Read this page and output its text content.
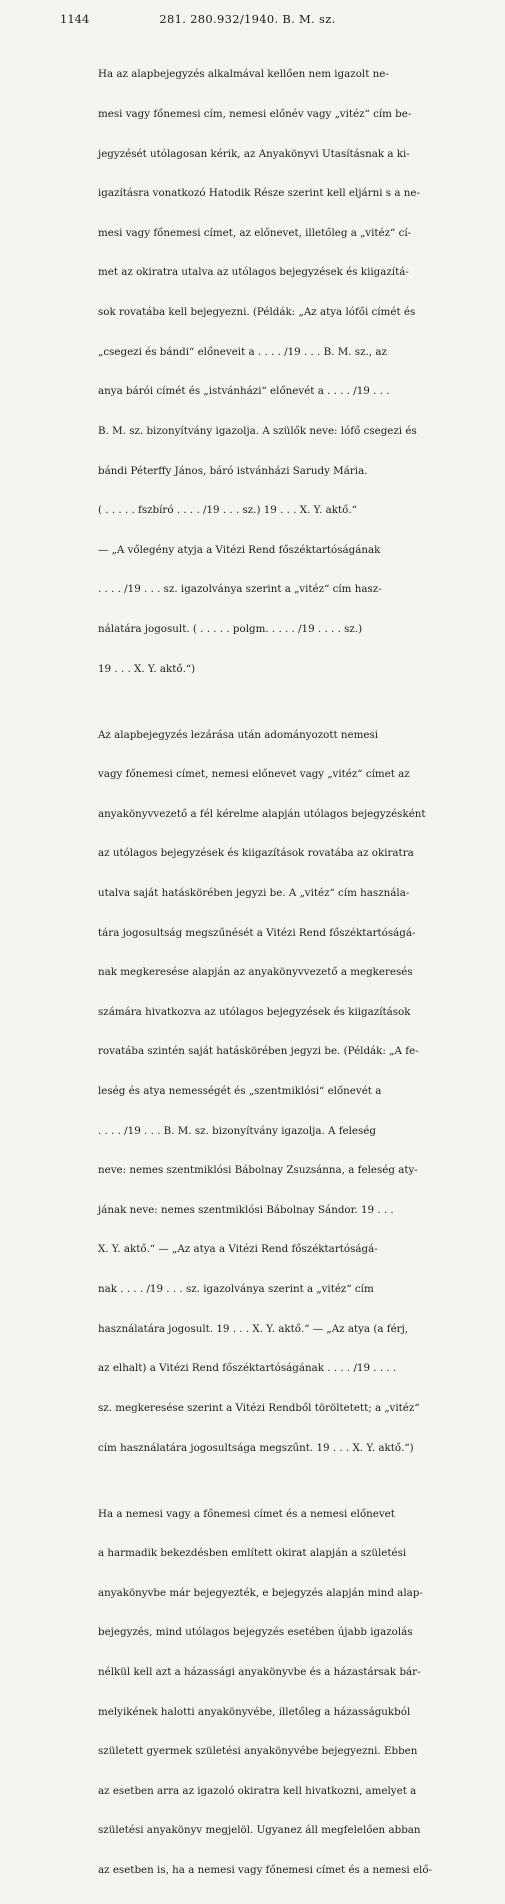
1144	281. 280.932/1940. B. M. sz.

Ha az alapbejegyzés alkalmával kellően nem igazolt ne-

mesi vagy főnemesi cím, nemesi előnév vagy „vitéz“ cím be-

jegyzését utólagosan kérik, az Anyakönyvi Utasításnak a ki-

igazításra vonatkozó Hatodik Része szerint kell eljárni s a ne-

mesi vagy főnemesi címet, az előnevet, illetőleg a „vitéz“ cí-

met az okiratra utalva az utólagos bejegyzések és kiigazítá-

sok rovatába kell bejegyezni. (Példák: „Az atya lófői címét és

„csegezi és bándi“ előneveit a . . . . /19 . . . B. M. sz., az

anya bárói címét és „istvánházi“ előnevét a . . . . /19 . . .

B. M. sz. bizonyítvány igazolja. A szülők neve: lófő csegezi és

bándi Péterffy János, báró istvánházi Sarudy Mária.

( . . . . . fszbíró . . . . /19 . . . sz.) 19 . . . X. Y. aktő.“

— „A vőlegény atyja a Vitézi Rend főszéktartóságának

. . . . /19 . . . sz. igazolványa szerint a „vitéz“ cím hasz-

nálatára jogosult. ( . . . . . polgm. . . . . /19 . . . . sz.)

19 . . . X. Y. aktő.“)

Az alapbejegyzés lezárása után adományozott nemesi

vagy főnemesi címet, nemesi előnevet vagy „vitéz“ címet az

anyakönyvvezető a fél kérelme alapján utólagos bejegyzésként

az utólagos bejegyzések és kiigazítások rovatába az okiratra

utalva saját hatáskörében jegyzi be. A „vitéz“ cím használa-

tára jogosultság megszűnését a Vitézi Rend főszéktartóságá-

nak megkeresése alapján az anyakönyvvezető a megkeresés

számára hivatkozva az utólagos bejegyzések és kiigazítások

rovatába szintén saját hatáskörében jegyzi be. (Példák: „A fe-

leség és atya nemességét és „szentmiklósi“ előnevét a

. . . . /19 . . . B. M. sz. bizonyítvány igazolja. A feleség

neve: nemes szentmiklósi Bábolnay Zsuzsánna, a feleség aty-

jának neve: nemes szentmiklósi Bábolnay Sándor. 19 . . .

X. Y. aktő.“ — „Az atya a Vitézi Rend főszéktartóságá-

nak . . . . /19 . . . sz. igazolványa szerint a „vitéz“ cím

használatára jogosult. 19 . . . X. Y. aktő.“ — „Az atya (a férj,

az elhalt) a Vitézi Rend főszéktartóságának . . . . /19 . . . .

sz. megkeresése szerint a Vitézi Rendből töröltetett; a „vitéz“

cím használatára jogosultsága megszűnt. 19 . . . X. Y. aktő.“)

Ha a nemesi vagy a főnemesi címet és a nemesi előnevet

a harmadik bekezdésben említett okirat alapján a születési

anyakönyvbe már bejegyezték, e bejegyzés alapján mind alap-

bejegyzés, mind utólagos bejegyzés esetében újabb igazolás

nélkül kell azt a házassági anyakönyvbe és a házastársak bár-

melyikének halotti anyakönyvébe, illetőleg a házasságukból

született gyermek születési anyakönyvébe bejegyezni. Ebben

az esetben arra az igazoló okiratra kell hivatkozni, amelyet a

születési anyakönyv megjelöl. Ugyanez áll megfelelően abban

az esetben is, ha a nemesi vagy főnemesi címet és a nemesi elő-
